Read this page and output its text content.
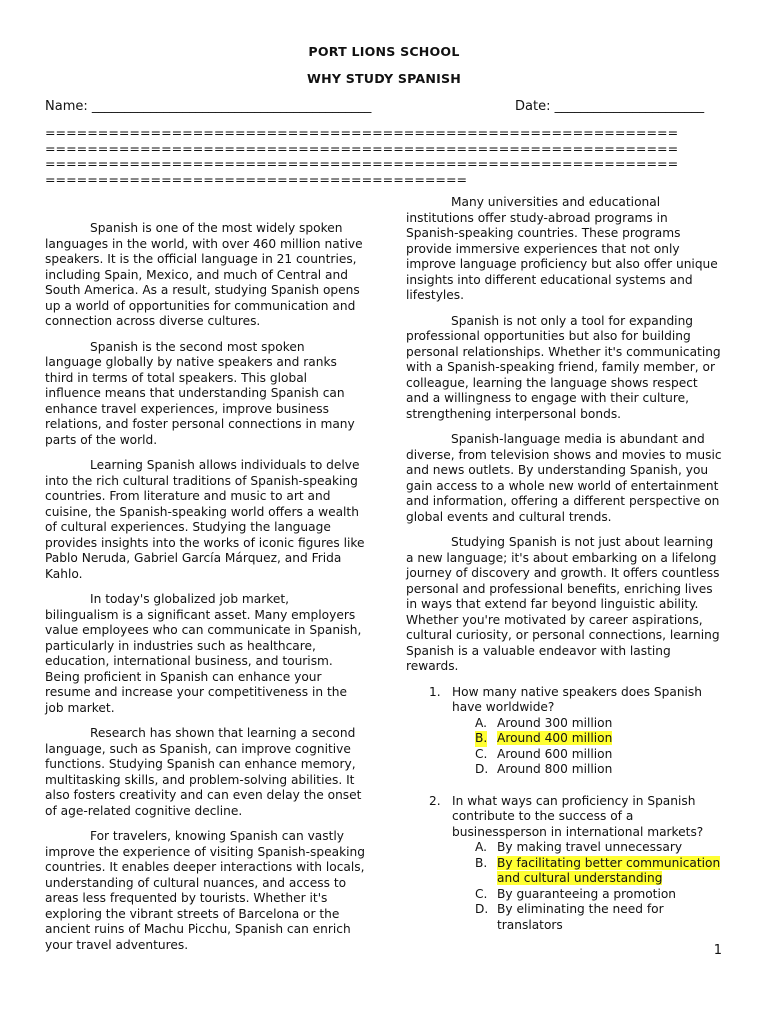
PORT LIONS SCHOOL
WHY STUDY SPANISH
Name: ___________________________________________	Date: _______________________
============================================================
============================================================
============================================================
========================================

Spanish is one of the most widely spoken languages in the world, with over 460 million native speakers. It is the official language in 21 countries, including Spain, Mexico, and much of Central and South America. As a result, studying Spanish opens up a world of opportunities for communication and connection across diverse cultures.

Spanish is the second most spoken language globally by native speakers and ranks third in terms of total speakers. This global influence means that understanding Spanish can enhance travel experiences, improve business relations, and foster personal connections in many parts of the world.

Learning Spanish allows individuals to delve into the rich cultural traditions of Spanish-speaking countries. From literature and music to art and cuisine, the Spanish-speaking world offers a wealth of cultural experiences. Studying the language provides insights into the works of iconic figures like Pablo Neruda, Gabriel García Márquez, and Frida Kahlo.

In today's globalized job market, bilingualism is a significant asset. Many employers value employees who can communicate in Spanish, particularly in industries such as healthcare, education, international business, and tourism. Being proficient in Spanish can enhance your resume and increase your competitiveness in the job market.

Research has shown that learning a second language, such as Spanish, can improve cognitive functions. Studying Spanish can enhance memory, multitasking skills, and problem-solving abilities. It also fosters creativity and can even delay the onset of age-related cognitive decline.

For travelers, knowing Spanish can vastly improve the experience of visiting Spanish-speaking countries. It enables deeper interactions with locals, understanding of cultural nuances, and access to areas less frequented by tourists. Whether it's exploring the vibrant streets of Barcelona or the ancient ruins of Machu Picchu, Spanish can enrich your travel adventures.

Many universities and educational institutions offer study-abroad programs in Spanish-speaking countries. These programs provide immersive experiences that not only improve language proficiency but also offer unique insights into different educational systems and lifestyles.

Spanish is not only a tool for expanding professional opportunities but also for building personal relationships. Whether it's communicating with a Spanish-speaking friend, family member, or colleague, learning the language shows respect and a willingness to engage with their culture, strengthening interpersonal bonds.

Spanish-language media is abundant and diverse, from television shows and movies to music and news outlets. By understanding Spanish, you gain access to a whole new world of entertainment and information, offering a different perspective on global events and cultural trends.

Studying Spanish is not just about learning a new language; it's about embarking on a lifelong journey of discovery and growth. It offers countless personal and professional benefits, enriching lives in ways that extend far beyond linguistic ability. Whether you're motivated by career aspirations, cultural curiosity, or personal connections, learning Spanish is a valuable endeavor with lasting rewards.

1. How many native speakers does Spanish have worldwide?
A. Around 300 million
B. Around 400 million
C. Around 600 million
D. Around 800 million
2. In what ways can proficiency in Spanish contribute to the success of a businessperson in international markets?
A. By making travel unnecessary
B. By facilitating better communication and cultural understanding
C. By guaranteeing a promotion
D. By eliminating the need for translators
1
